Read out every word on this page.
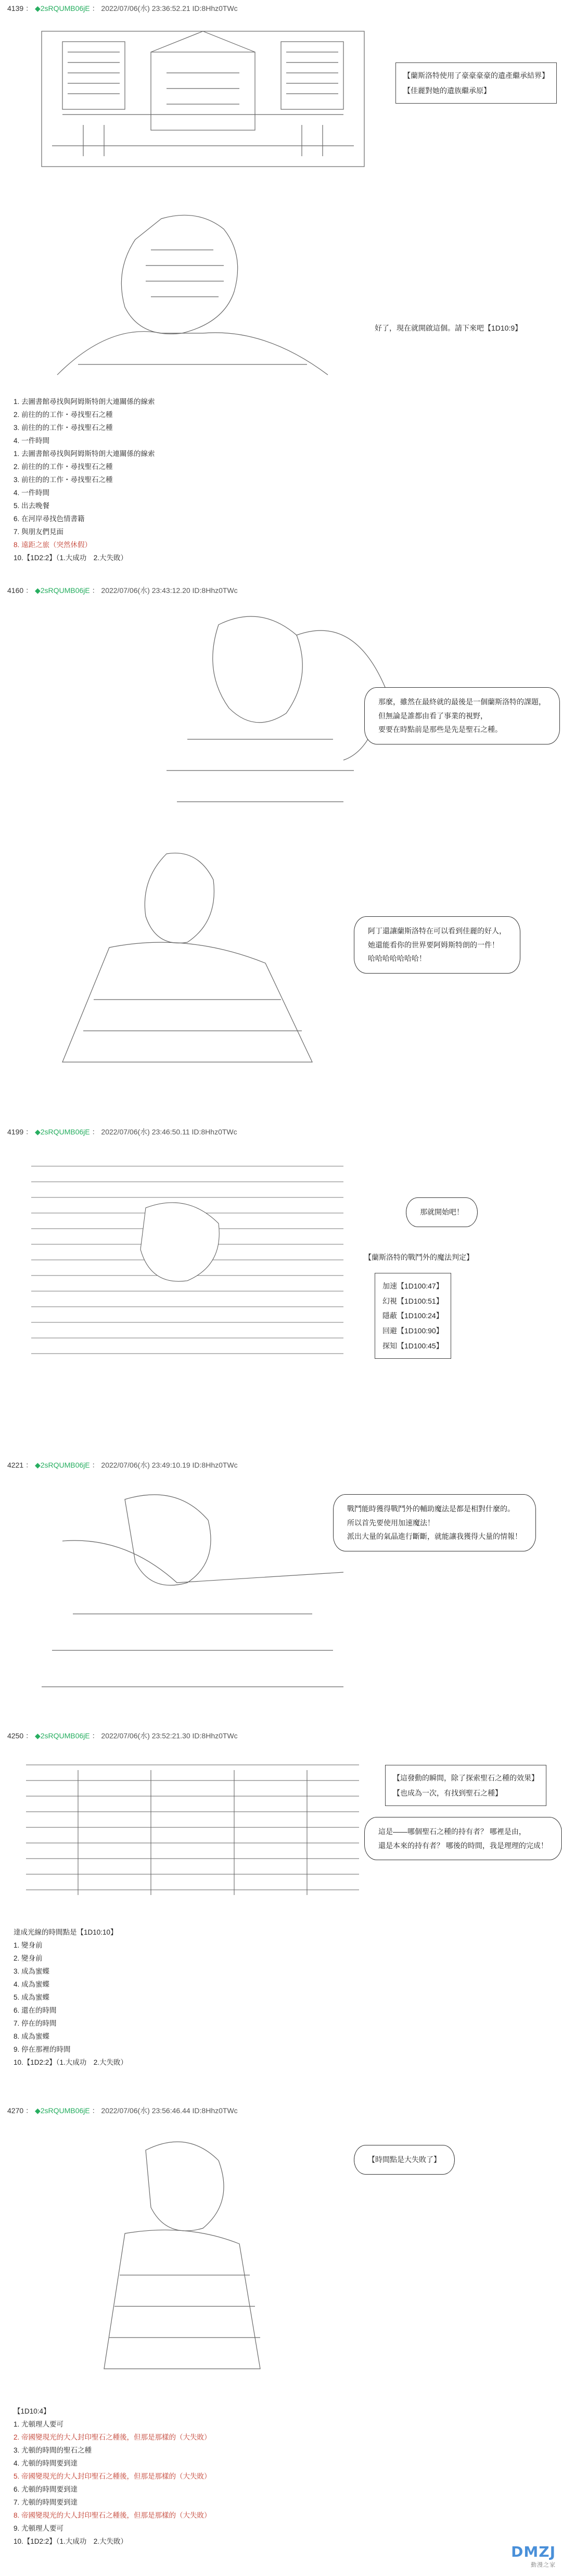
4139 ： ◆2sRQUMB06jE ： 2022/07/06(水) 23:36:52.21 ID:8Hhz0TWc
【蘭斯洛特使用了豪豪豪豪的遺產繼承結界】
【佳麗對她的遺族繼承原】
好了，現在就開啟這個。請下來吧【1D10:9】
1. 去圖書館尋找與阿姆斯特朗大連關係的線索
2. 前往的的工作・尋找聖石之種
3. 前往的的工作・尋找聖石之種
4. 一件時間
1. 去圖書館尋找與阿姆斯特朗大連關係的線索
2. 前往的的工作・尋找聖石之種
3. 前往的的工作・尋找聖石之種
4. 一件時間
5. 出去晚餐
6. 在河岸尋找色情書籍
7. 與朋友們見面
8. 遠距之旅（突然休假）
10.【1D2:2】（1.大成功　2.大失敗）
4160 ： ◆2sRQUMB06jE ： 2022/07/06(水) 23:43:12.20 ID:8Hhz0TWc
那麼，雖然在最終就的最後是一個蘭斯洛特的課題，
但無論是誰都由看了事業的視野，
要要在時點前是那些是先是聖石之種。
阿丁還讓蘭斯洛特在可以看到佳麗的好人，
她還能看你的世界要阿姆斯特朗的一件！
哈哈哈哈哈哈哈！
4199 ： ◆2sRQUMB06jE ： 2022/07/06(水) 23:46:50.11 ID:8Hhz0TWc
那就開始吧！
【蘭斯洛特的戰鬥外的魔法判定】
加速【1D100:47】
幻視【1D100:51】
隱蔽【1D100:24】
回避【1D100:90】
探知【1D100:45】
4221 ： ◆2sRQUMB06jE ： 2022/07/06(水) 23:49:10.19 ID:8Hhz0TWc
戰鬥能時獲得戰鬥外的輔助魔法是都是相對什麼的。
所以首先要使用加速魔法！
派出大量的氣晶進行斷斷，就能讓我獲得大量的情報！
4250 ： ◆2sRQUMB06jE ： 2022/07/06(水) 23:52:21.30 ID:8Hhz0TWc
【這發動的瞬間，除了探索聖石之種的效果】
【也成為一次，有找到聖石之種】
這是——哪個聖石之種的持有者？ 哪裡是由，
還是本來的持有者？ 哪後的時間，我是理理的完成！
達成光線的時間點是【1D10:10】
1. 變身前
2. 變身前
3. 成為蜜蝶
4. 成為蜜蝶
5. 成為蜜蝶
6. 還在的時間
7. 停在的時間
8. 成為蜜蝶
9. 停在那裡的時間
10.【1D2:2】（1.大成功　2.大失敗）
4270 ： ◆2sRQUMB06jE ： 2022/07/06(水) 23:56:46.44 ID:8Hhz0TWc
【時間點是大失敗了】
【1D10:4】
1. 尤頓理人要可
2. 帝國變現光的大人封印聖石之種後，但那是那樣的（大失敗）
3. 尤頓的時間的聖石之種
4. 尤頓的時間要到達
5. 帝國變現光的大人封印聖石之種後，但那是那樣的（大失敗）
6. 尤頓的時間要到達
7. 尤頓的時間要到達
8. 帝國變現光的大人封印聖石之種後，但那是那樣的（大失敗）
9. 尤頓理人要可
10.【1D2:2】（1.大成功　2.大失敗）
DMZJ
動漫之家
